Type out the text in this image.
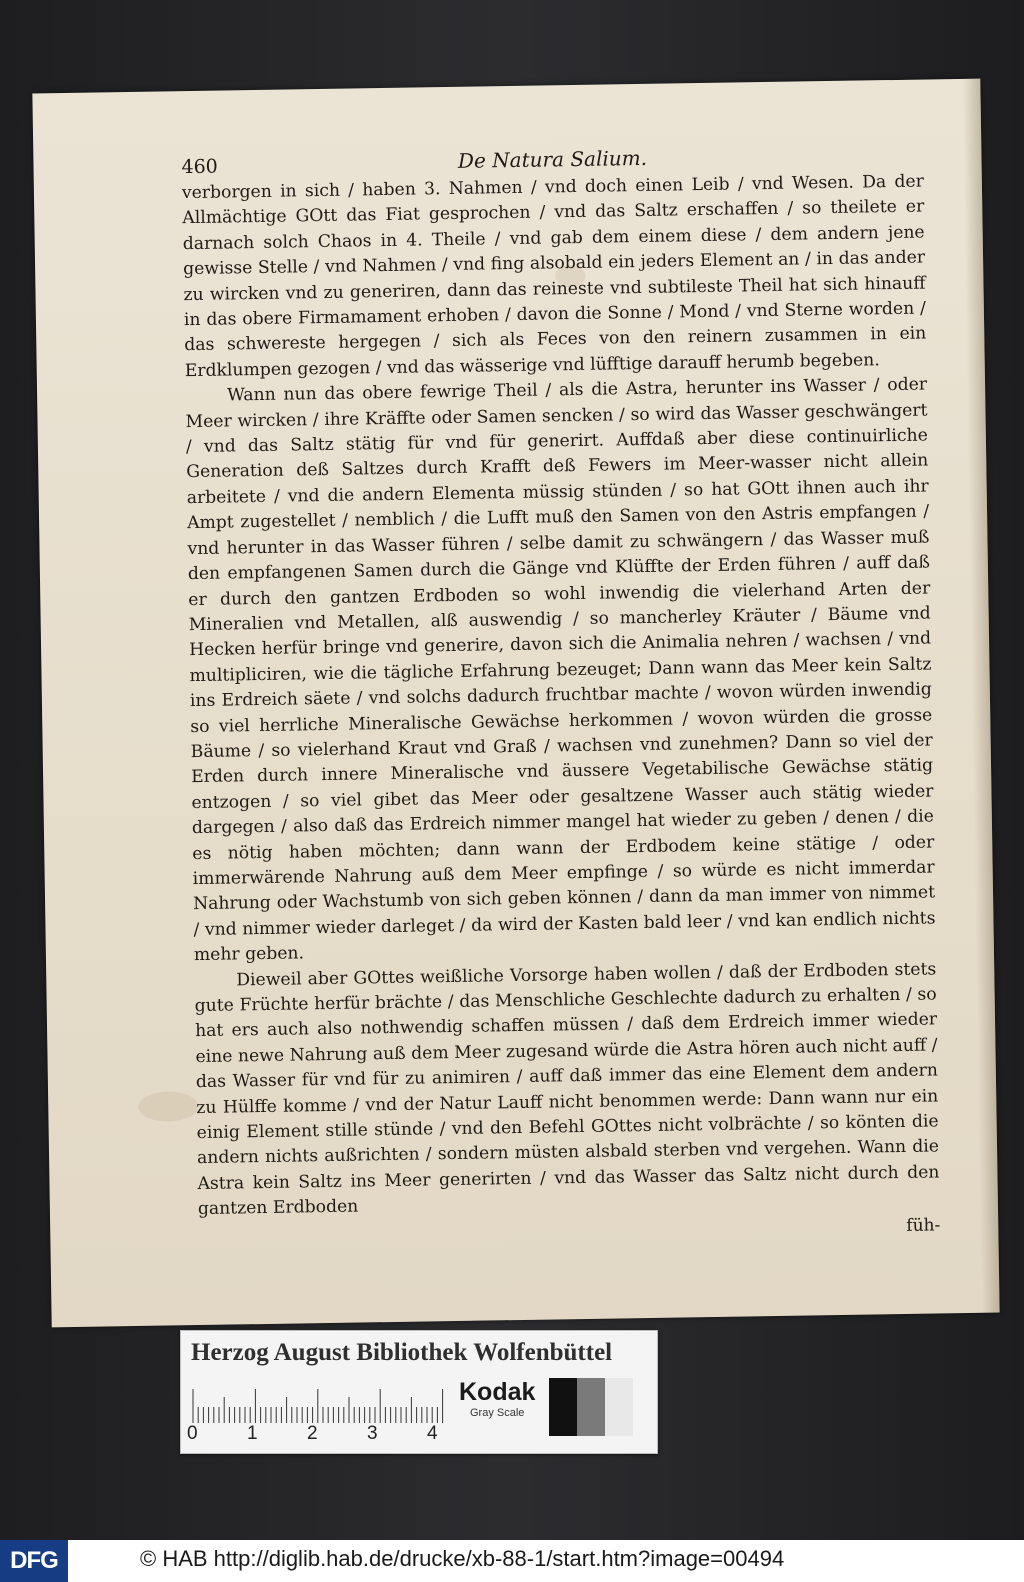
460	De Natura Salium.

verborgen in sich / haben 3. Nahmen / vnd doch einen Leib / vnd Wesen. Da der Allmächtige GOtt das Fiat gesprochen / vnd das Saltz erschaffen / so theilete er darnach solch Chaos in 4. Theile / vnd gab dem einem diese / dem andern jene gewisse Stelle / vnd Nahmen / vnd fing alsobald ein jeders Element an / in das ander zu wircken vnd zu generiren, dann das reineste vnd subtileste Theil hat sich hinauff in das obere Firmamament erhoben / davon die Sonne / Mond / vnd Sterne worden / das schwereste hergegen / sich als Feces von den reinern zusammen in ein Erdklumpen gezogen / vnd das wässerige vnd lüfftige darauff herumb begeben.

Wann nun das obere fewrige Theil / als die Astra, herunter ins Wasser / oder Meer wircken / ihre Kräffte oder Samen sencken / so wird das Wasser geschwängert / vnd das Saltz stätig für vnd für generirt. Auffdaß aber diese continuirliche Generation deß Saltzes durch Krafft deß Fewers im Meer-wasser nicht allein arbeitete / vnd die andern Elementa müssig stünden / so hat GOtt ihnen auch ihr Ampt zugestellet / nemblich / die Lufft muß den Samen von den Astris empfangen / vnd herunter in das Wasser führen / selbe damit zu schwängern / das Wasser muß den empfangenen Samen durch die Gänge vnd Klüffte der Erden führen / auff daß er durch den gantzen Erdboden so wohl inwendig die vielerhand Arten der Mineralien vnd Metallen, alß auswendig / so mancherley Kräuter / Bäume vnd Hecken herfür bringe vnd generire, davon sich die Animalia nehren / wachsen / vnd multipliciren, wie die tägliche Erfahrung bezeuget; Dann wann das Meer kein Saltz ins Erdreich säete / vnd solchs dadurch fruchtbar machte / wovon würden inwendig so viel herrliche Mineralische Gewächse herkommen / wovon würden die grosse Bäume / so vielerhand Kraut vnd Graß / wachsen vnd zunehmen? Dann so viel der Erden durch innere Mineralische vnd äussere Vegetabilische Gewächse stätig entzogen / so viel gibet das Meer oder gesaltzene Wasser auch stätig wieder dargegen / also daß das Erdreich nimmer mangel hat wieder zu geben / denen / die es nötig haben möchten; dann wann der Erdbodem keine stätige / oder immerwärende Nahrung auß dem Meer empfinge / so würde es nicht immerdar Nahrung oder Wachstumb von sich geben können / dann da man immer von nimmet / vnd nimmer wieder darleget / da wird der Kasten bald leer / vnd kan endlich nichts mehr geben.

Dieweil aber GOttes weißliche Vorsorge haben wollen / daß der Erdboden stets gute Früchte herfür brächte / das Menschliche Geschlechte dadurch zu erhalten / so hat ers auch also nothwendig schaffen müssen / daß dem Erdreich immer wieder eine newe Nahrung auß dem Meer zugesand würde die Astra hören auch nicht auff / das Wasser für vnd für zu animiren / auff daß immer das eine Element dem andern zu Hülffe komme / vnd der Natur Lauff nicht benommen werde: Dann wann nur ein einig Element stille stünde / vnd den Befehl GOttes nicht volbrächte / so könten die andern nichts außrichten / sondern müsten alsbald sterben vnd vergehen. Wann die Astra kein Saltz ins Meer generirten / vnd das Wasser das Saltz nicht durch den gantzen Erdboden

füh-
Herzog August Bibliothek Wolfenbüttel
0	1	2	3	4
Kodak
Gray Scale
DFG	© HAB http://diglib.hab.de/drucke/xb-88-1/start.htm?image=00494
